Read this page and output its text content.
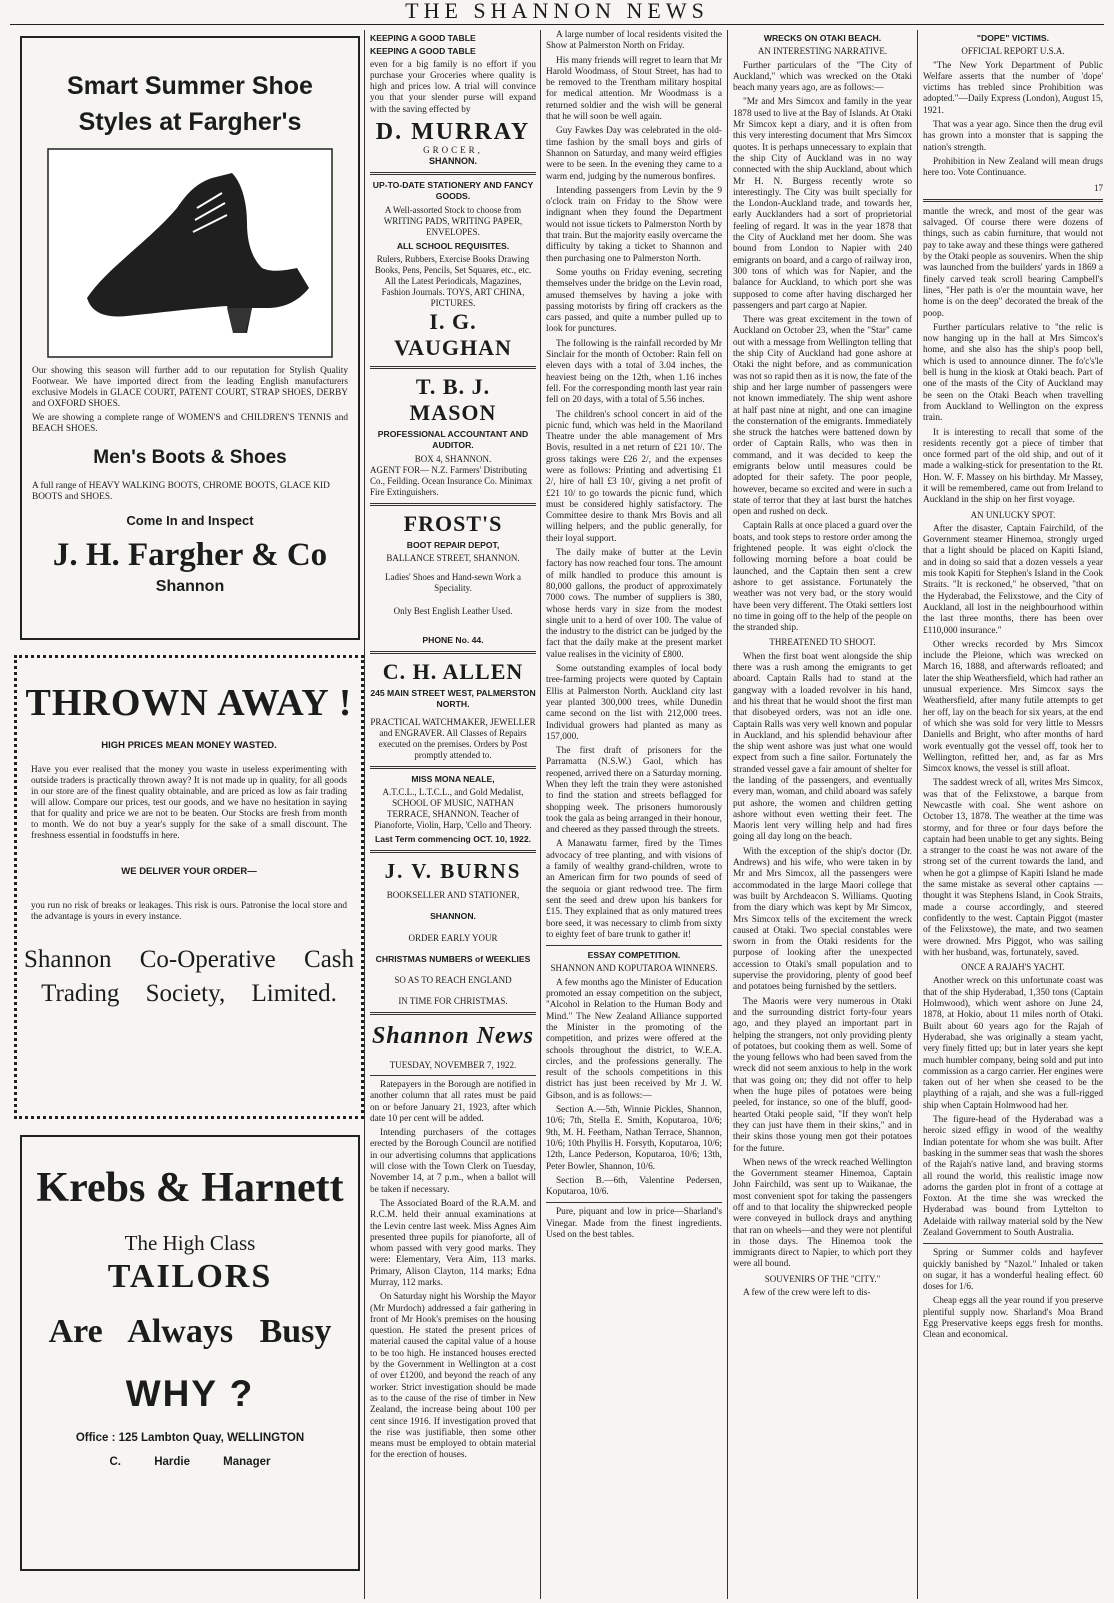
THE SHANNON NEWS
Smart Summer Shoe
Styles at Fargher's
Our showing this season will further add to our reputation for Stylish Quality Footwear. We have imported direct from the leading English manufacturers exclusive Models in GLACE COURT, PATENT COURT, STRAP SHOES, DERBY and OXFORD SHOES.
We are showing a complete range of WOMEN'S and CHILDREN'S TENNIS and BEACH SHOES.
Men's Boots & Shoes
A full range of HEAVY WALKING BOOTS, CHROME BOOTS, GLACE KID BOOTS and SHOES.
Come In and Inspect
J. H. Fargher & Co
Shannon
THROWN AWAY !
HIGH PRICES MEAN MONEY WASTED.
Have you ever realised that the money you waste in useless experimenting with outside traders is practically thrown away? It is not made up in quality, for all goods in our store are of the finest quality obtainable, and are priced as low as fair trading will allow. Compare our prices, test our goods, and we have no hesitation in saying that for quality and price we are not to be beaten. Our Stocks are fresh from month to month. We do not buy a year's supply for the sake of a small discount. The freshness essential in foodstuffs in here.
WE DELIVER YOUR ORDER—
you run no risk of breaks or leakages. This risk is ours. Patronise the local store and the advantage is yours in every instance.
Shannon Co-Operative Cash
Trading Society, Limited.
Krebs & Harnett
The High Class
TAILORS
Are Always Busy
WHY ?
Office : 125 Lambton Quay, WELLINGTON
C. Hardie Manager
KEEPING A GOOD TABLE
KEEPING A GOOD TABLE

even for a big family is no effort if you purchase your Groceries where quality is high and prices low. A trial will convince you that your slender purse will expand with the saving effected by

D. MURRAY
GROCER,
SHANNON.
UP-TO-DATE STATIONERY AND FANCY GOODS.
A Well-assorted Stock to choose from WRITING PADS, WRITING PAPER, ENVELOPES.
ALL SCHOOL REQUISITES.
Rulers, Rubbers, Exercise Books Drawing Books, Pens, Pencils, Set Squares, etc., etc. All the Latest Periodicals, Magazines, Fashion Journals. TOYS, ART CHINA, PICTURES.
I. G. VAUGHAN
T. B. J. MASON
PROFESSIONAL ACCOUNTANT AND AUDITOR.
BOX 4, SHANNON.
AGENT FOR— N.Z. Farmers' Distributing Co., Feilding. Ocean Insurance Co. Minimax Fire Extinguishers.
FROST'S
BOOT REPAIR DEPOT,
BALLANCE STREET, SHANNON.
Ladies' Shoes and Hand-sewn Work a Speciality.
Only Best English Leather Used.
PHONE No. 44.
C. H. ALLEN
245 MAIN STREET WEST, PALMERSTON NORTH.
PRACTICAL WATCHMAKER, JEWELLER and ENGRAVER. All Classes of Repairs executed on the premises. Orders by Post promptly attended to.
MISS MONA NEALE,
A.T.C.L., L.T.C.L., and Gold Medalist, SCHOOL OF MUSIC, NATHAN TERRACE, SHANNON. Teacher of Pianoforte, Violin, Harp, 'Cello and Theory.
Last Term commencing OCT. 10, 1922.
J. V. BURNS
BOOKSELLER AND STATIONER,
SHANNON.
ORDER EARLY YOUR
CHRISTMAS NUMBERS of WEEKLIES
SO AS TO REACH ENGLAND
IN TIME FOR CHRISTMAS.
Shannon News
TUESDAY, NOVEMBER 7, 1922.

Ratepayers in the Borough are notified in another column that all rates must be paid on or before January 21, 1923, after which date 10 per cent will be added.

Intending purchasers of the cottages erected by the Borough Council are notified in our advertising columns that applications will close with the Town Clerk on Tuesday, November 14, at 7 p.m., when a ballot will be taken if necessary.

The Associated Board of the R.A.M. and R.C.M. held their annual examinations at the Levin centre last week. Miss Agnes Aim presented three pupils for pianoforte, all of whom passed with very good marks. They were: Elementary, Vera Aim, 113 marks. Primary, Alison Clayton, 114 marks; Edna Murray, 112 marks.

On Saturday night his Worship the Mayor (Mr Murdoch) addressed a fair gathering in front of Mr Hook's premises on the housing question. He stated the present prices of material caused the capital value of a house to be too high. He instanced houses erected by the Government in Wellington at a cost of over £1200, and beyond the reach of any worker. Strict investigation should be made as to the cause of the rise of timber in New Zealand, the increase being about 100 per cent since 1916. If investigation proved that the rise was justifiable, then some other means must be employed to obtain material for the erection of houses.

A large number of local residents visited the Show at Palmerston North on Friday.

His many friends will regret to learn that Mr Harold Woodmass, of Stout Street, has had to be removed to the Trentham military hospital for medical attention. Mr Woodmass is a returned soldier and the wish will be general that he will soon be well again.

Guy Fawkes Day was celebrated in the old-time fashion by the small boys and girls of Shannon on Saturday, and many weird effigies were to be seen. In the evening they came to a warm end, judging by the numerous bonfires.

Intending passengers from Levin by the 9 o'clock train on Friday to the Show were indignant when they found the Department would not issue tickets to Palmerston North by that train. But the majority easily overcame the difficulty by taking a ticket to Shannon and then purchasing one to Palmerston North.

Some youths on Friday evening, secreting themselves under the bridge on the Levin road, amused themselves by having a joke with passing motorists by firing off crackers as the cars passed, and quite a number pulled up to look for punctures.

The following is the rainfall recorded by Mr Sinclair for the month of October: Rain fell on eleven days with a total of 3.04 inches, the heaviest being on the 12th, when 1.16 inches fell. For the corresponding month last year rain fell on 20 days, with a total of 5.56 inches.

The children's school concert in aid of the picnic fund, which was held in the Maoriland Theatre under the able management of Mrs Bovis, resulted in a net return of £21 10/. The gross takings were £26 2/, and the expenses were as follows: Printing and advertising £1 2/, hire of hall £3 10/, giving a net profit of £21 10/ to go towards the picnic fund, which must be considered highly satisfactory. The Committee desire to thank Mrs Bovis and all willing helpers, and the public generally, for their loyal support.

The daily make of butter at the Levin factory has now reached four tons. The amount of milk handled to produce this amount is 80,000 gallons, the product of approximately 7000 cows. The number of suppliers is 380, whose herds vary in size from the modest single unit to a herd of over 100. The value of the industry to the district can be judged by the fact that the daily make at the present market value realises in the vicinity of £800.

Some outstanding examples of local body tree-farming projects were quoted by Captain Ellis at Palmerston North. Auckland city last year planted 300,000 trees, while Dunedin came second on the list with 212,000 trees. Individual growers had planted as many as 157,000.

The first draft of prisoners for the Parramatta (N.S.W.) Gaol, which has reopened, arrived there on a Saturday morning. When they left the train they were astonished to find the station and streets beflagged for shopping week. The prisoners humorously took the gala as being arranged in their honour, and cheered as they passed through the streets.

A Manawatu farmer, fired by the Times advocacy of tree planting, and with visions of a family of wealthy grand-children, wrote to an American firm for two pounds of seed of the sequoia or giant redwood tree. The firm sent the seed and drew upon his bankers for £15. They explained that as only matured trees bore seed, it was necessary to climb from sixty to eighty feet of bare trunk to gather it!

ESSAY COMPETITION.
SHANNON AND KOPUTAROA WINNERS.

A few months ago the Minister of Education promoted an essay competition on the subject, "Alcohol in Relation to the Human Body and Mind." The New Zealand Alliance supported the Minister in the promoting of the competition, and prizes were offered at the schools throughout the district, to W.E.A. circles, and the professions generally. The result of the schools competitions in this district has just been received by Mr J. W. Gibson, and is as follows:—

Section A.—5th, Winnie Pickles, Shannon, 10/6; 7th, Stella E. Smith, Koputaroa, 10/6; 9th, M. H. Feetham, Nathan Terrace, Shannon, 10/6; 10th Phyllis H. Forsyth, Koputaroa, 10/6; 12th, Lance Pederson, Koputaroa, 10/6; 13th, Peter Bowler, Shannon, 10/6.

Section B.—6th, Valentine Pedersen, Koputaroa, 10/6.

Pure, piquant and low in price—Sharland's Vinegar. Made from the finest ingredients. Used on the best tables.

WRECKS ON OTAKI BEACH.
AN INTERESTING NARRATIVE.

Further particulars of the "The City of Auckland," which was wrecked on the Otaki beach many years ago, are as follows:—

"Mr and Mrs Simcox and family in the year 1878 used to live at the Bay of Islands. At Otaki Mr Simcox kept a diary, and it is often from this very interesting document that Mrs Simcox quotes. It is perhaps unnecessary to explain that the ship City of Auckland was in no way connected with the ship Auckland, about which Mr H. N. Burgess recently wrote so interestingly. The City was built specially for the London-Auckland trade, and towards her, early Aucklanders had a sort of proprietorial feeling of regard. It was in the year 1878 that the City of Auckland met her doom. She was bound from London to Napier with 240 emigrants on board, and a cargo of railway iron, 300 tons of which was for Napier, and the balance for Auckland, to which port she was supposed to come after having discharged her passengers and part cargo at Napier.

There was great excitement in the town of Auckland on October 23, when the "Star" came out with a message from Wellington telling that the ship City of Auckland had gone ashore at Otaki the night before, and as communication was not so rapid then as it is now, the fate of the ship and her large number of passengers were not known immediately. The ship went ashore at half past nine at night, and one can imagine the consternation of the emigrants. Immediately she struck the hatches were battened down by order of Captain Ralls, who was then in command, and it was decided to keep the emigrants below until measures could be adopted for their safety. The poor people, however, became so excited and were in such a state of terror that they at last burst the hatches open and rushed on deck.

Captain Ralls at once placed a guard over the boats, and took steps to restore order among the frightened people. It was eight o'clock the following morning before a boat could be launched, and the Captain then sent a crew ashore to get assistance. Fortunately the weather was not very bad, or the story would have been very different. The Otaki settlers lost no time in going off to the help of the people on the stranded ship.

THREATENED TO SHOOT.

When the first boat went alongside the ship there was a rush among the emigrants to get aboard. Captain Ralls had to stand at the gangway with a loaded revolver in his hand, and his threat that he would shoot the first man that disobeyed orders, was not an idle one. Captain Ralls was very well known and popular in Auckland, and his splendid behaviour after the ship went ashore was just what one would expect from such a fine sailor. Fortunately the stranded vessel gave a fair amount of shelter for the landing of the passengers, and eventually every man, woman, and child aboard was safely put ashore, the women and children getting ashore without even wetting their feet. The Maoris lent very willing help and had fires going all day long on the beach.

With the exception of the ship's doctor (Dr. Andrews) and his wife, who were taken in by Mr and Mrs Simcox, all the passengers were accommodated in the large Maori college that was built by Archdeacon S. Williams. Quoting from the diary which was kept by Mr Simcox, Mrs Simcox tells of the excitement the wreck caused at Otaki. Two special constables were sworn in from the Otaki residents for the purpose of looking after the unexpected accession to Otaki's small population and to supervise the providoring, plenty of good beef and potatoes being furnished by the settlers.

The Maoris were very numerous in Otaki and the surrounding district forty-four years ago, and they played an important part in helping the strangers, not only providing plenty of potatoes, but cooking them as well. Some of the young fellows who had been saved from the wreck did not seem anxious to help in the work that was going on; they did not offer to help when the huge piles of potatoes were being peeled, for instance, so one of the bluff, good-hearted Otaki people said, "If they won't help they can just have them in their skins," and in their skins those young men got their potatoes for the future.

When news of the wreck reached Wellington the Government steamer Hinemoa, Captain John Fairchild, was sent up to Waikanae, the most convenient spot for taking the passengers off and to that locality the shipwrecked people were conveyed in bullock drays and anything that ran on wheels—and they were not plentiful in those days. The Hinemoa took the immigrants direct to Napier, to which port they were all bound.

SOUVENIRS OF THE "CITY."

A few of the crew were left to dis-

"DOPE" VICTIMS.
OFFICIAL REPORT U.S.A.

"The New York Department of Public Welfare asserts that the number of 'dope' victims has trebled since Prohibition was adopted."—Daily Express (London), August 15, 1921.

That was a year ago. Since then the drug evil has grown into a monster that is sapping the nation's strength.

Prohibition in New Zealand will mean drugs here too. Vote Continuance.

17

mantle the wreck, and most of the gear was salvaged. Of course there were dozens of things, such as cabin furniture, that would not pay to take away and these things were gathered by the Otaki people as souvenirs. When the ship was launched from the builders' yards in 1869 a finely carved teak scroll bearing Campbell's lines, "Her path is o'er the mountain wave, her home is on the deep" decorated the break of the poop.

Further particulars relative to "the relic is now hanging up in the hall at Mrs Simcox's home, and she also has the ship's poop bell, which is used to announce dinner. The fo'c's'le bell is hung in the kiosk at Otaki beach. Part of one of the masts of the City of Auckland may be seen on the Otaki Beach when travelling from Auckland to Wellington on the express train.

It is interesting to recall that some of the residents recently got a piece of timber that once formed part of the old ship, and out of it made a walking-stick for presentation to the Rt. Hon. W. F. Massey on his birthday. Mr Massey, it will be remembered, came out from Ireland to Auckland in the ship on her first voyage.

AN UNLUCKY SPOT.

After the disaster, Captain Fairchild, of the Government steamer Hinemoa, strongly urged that a light should be placed on Kapiti Island, and in doing so said that a dozen vessels a year mis took Kapiti for Stephen's Island in the Cook Straits. "It is reckoned," he observed, "that on the Hyderabad, the Felixstowe, and the City of Auckland, all lost in the neighbourhood within the last three months, there has been over £110,000 insurance."

Other wrecks recorded by Mrs Simcox include the Pleione, which was wrecked on March 16, 1888, and afterwards refloated; and later the ship Weathersfield, which had rather an unusual experience. Mrs Simcox says the Weathersfield, after many futile attempts to get her off, lay on the beach for six years, at the end of which she was sold for very little to Messrs Daniells and Bright, who after months of hard work eventually got the vessel off, took her to Wellington, refitted her, and, as far as Mrs Simcox knows, the vessel is still afloat.

The saddest wreck of all, writes Mrs Simcox, was that of the Felixstowe, a barque from Newcastle with coal. She went ashore on October 13, 1878. The weather at the time was stormy, and for three or four days before the captain had been unable to get any sights. Being a stranger to the coast he was not aware of the strong set of the current towards the land, and when he got a glimpse of Kapiti Island he made the same mistake as several other captains —thought it was Stephens Island, in Cook Straits, made a course accordingly, and steered confidently to the west. Captain Piggot (master of the Felixstowe), the mate, and two seamen were drowned. Mrs Piggot, who was sailing with her husband, was, fortunately, saved.

ONCE A RAJAH'S YACHT.

Another wreck on this unfortunate coast was that of the ship Hyderabad, 1,350 tons (Captain Holmwood), which went ashore on June 24, 1878, at Hokio, about 11 miles north of Otaki. Built about 60 years ago for the Rajah of Hyderabad, she was originally a steam yacht, very finely fitted up; but in later years she kept much humbler company, being sold and put into commission as a cargo carrier. Her engines were taken out of her when she ceased to be the plaything of a rajah, and she was a full-rigged ship when Captain Holmwood had her.

The figure-head of the Hyderabad was a heroic sized effigy in wood of the wealthy Indian potentate for whom she was built. After basking in the summer seas that wash the shores of the Rajah's native land, and braving storms all round the world, this realistic image now adorns the garden plot in front of a cottage at Foxton. At the time she was wrecked the Hyderabad was bound from Lyttelton to Adelaide with railway material sold by the New Zealand Government to South Australia.

Spring or Summer colds and hayfever quickly banished by "Nazol." Inhaled or taken on sugar, it has a wonderful healing effect. 60 doses for 1/6.

Cheap eggs all the year round if you preserve plentiful supply now. Sharland's Moa Brand Egg Preservative keeps eggs fresh for months. Clean and economical.
